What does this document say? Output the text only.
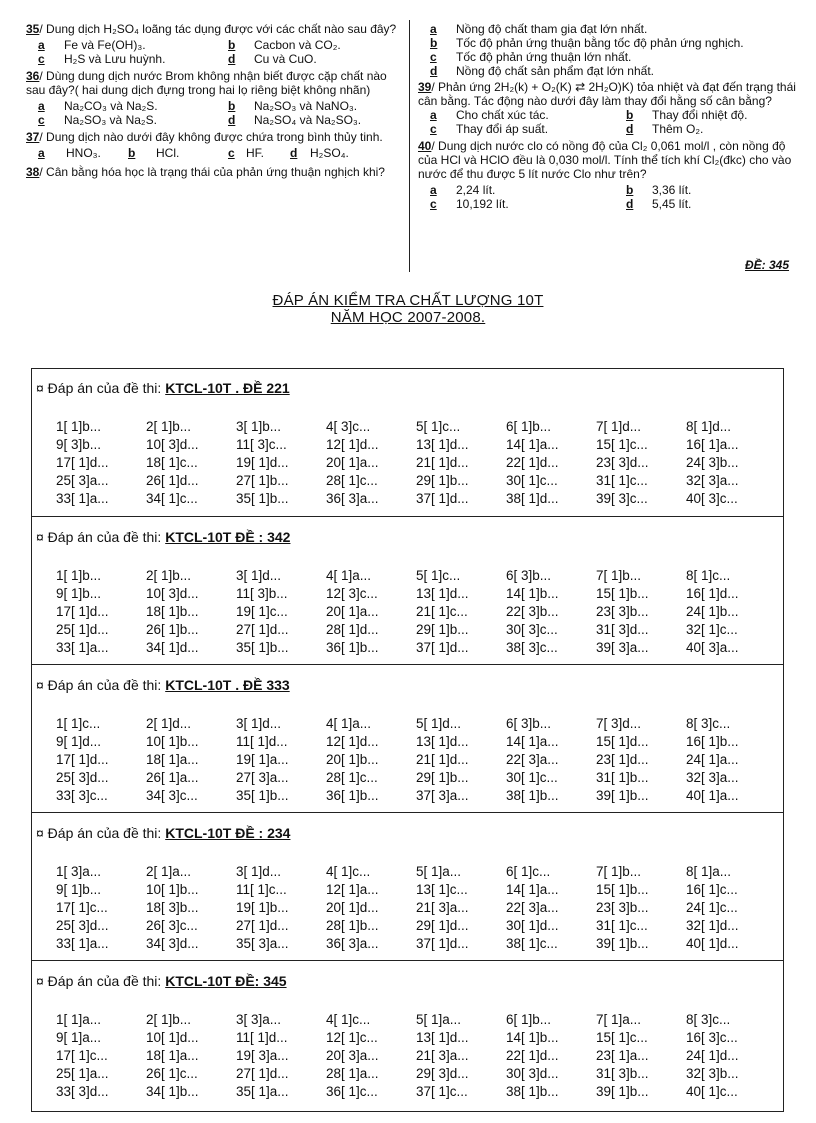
35/ Dung dịch H₂SO₄ loãng tác dụng được với các chất nào sau đây?

a	Fe và Fe(OH)₃.	b	Cacbon và CO₂.
c	H₂S và Lưu huỳnh.	d	Cu và CuO.

36/ Dùng dung dịch nước Brom không nhận biết được cặp chất nào sau đây?( hai dung dịch đựng trong hai lọ riêng biệt không nhãn)

a	Na₂CO₃ và Na₂S.	b	Na₂SO₃ và NaNO₃.
c	Na₂SO₃ và Na₂S.	d	Na₂SO₄ và Na₂SO₃.

37/ Dung dịch nào dưới đây không được chứa trong bình thủy tinh.

a	HNO₃.	b	HCl.	c HF.	d	H₂SO₄.

38/ Cân bằng hóa học là trạng thái của phản ứng thuận nghịch khi?

a	Nồng độ chất tham gia đạt lớn nhất.
b	Tốc độ phản ứng thuận bằng tốc độ phản ứng nghịch.
c	Tốc độ phản ứng thuận lớn nhất.
d	Nồng độ chất sản phẩm đạt lớn nhất.

39/ Phản ứng 2H₂(k) + O₂(K) ⇄ 2H₂O)K) tỏa nhiệt và đạt đến trạng thái cân bằng. Tác động nào dưới đây làm thay đổi hằng số cân bằng?

a	Cho chất xúc tác.	b	Thay đổi nhiệt độ.
c	Thay đổi áp suất.	d	Thêm O₂.

40/ Dung dịch nước clo có nồng độ của Cl₂ 0,061 mol/l , còn nồng độ của HCl và HClO đều là 0,030 mol/l. Tính thể tích khí Cl₂(đkc) cho vào nước để thu được 5 lít nước Clo như trên?

a	2,24 lít.	b	3,36 lít.
c	10,192 lít.	d	5,45 lít.
ĐỀ: 345
ĐÁP ÁN KIỂM TRA CHẤT LƯỢNG 10T
NĂM HỌC 2007-2008.
¤ Đáp án của đề thi: KTCL-10T . ĐỀ 221
1[ 1]b...	2[ 1]b...	3[ 1]b...	4[ 3]c...	5[ 1]c...	6[ 1]b...	7[ 1]d...	8[ 1]d...
9[ 3]b...	10[ 3]d...	11[ 3]c...	12[ 1]d...	13[ 1]d...	14[ 1]a...	15[ 1]c...	16[ 1]a...
17[ 1]d...	18[ 1]c...	19[ 1]d...	20[ 1]a...	21[ 1]d...	22[ 1]d...	23[ 3]d...	24[ 3]b...
25[ 3]a...	26[ 1]d...	27[ 1]b...	28[ 1]c...	29[ 1]b...	30[ 1]c...	31[ 1]c...	32[ 3]a...
33[ 1]a...	34[ 1]c...	35[ 1]b...	36[ 3]a...	37[ 1]d...	38[ 1]d...	39[ 3]c...	40[ 3]c...
¤ Đáp án của đề thi: KTCL-10T ĐỀ : 342
1[ 1]b...	2[ 1]b...	3[ 1]d...	4[ 1]a...	5[ 1]c...	6[ 3]b...	7[ 1]b...	8[ 1]c...
9[ 1]b...	10[ 3]d...	11[ 3]b...	12[ 3]c...	13[ 1]d...	14[ 1]b...	15[ 1]b...	16[ 1]d...
17[ 1]d...	18[ 1]b...	19[ 1]c...	20[ 1]a...	21[ 1]c...	22[ 3]b...	23[ 3]b...	24[ 1]b...
25[ 1]d...	26[ 1]b...	27[ 1]d...	28[ 1]d...	29[ 1]b...	30[ 3]c...	31[ 3]d...	32[ 1]c...
33[ 1]a...	34[ 1]d...	35[ 1]b...	36[ 1]b...	37[ 1]d...	38[ 3]c...	39[ 3]a...	40[ 3]a...
¤ Đáp án của đề thi: KTCL-10T . ĐỀ 333
1[ 1]c...	2[ 1]d...	3[ 1]d...	4[ 1]a...	5[ 1]d...	6[ 3]b...	7[ 3]d...	8[ 3]c...
9[ 1]d...	10[ 1]b...	11[ 1]d...	12[ 1]d...	13[ 1]d...	14[ 1]a...	15[ 1]d...	16[ 1]b...
17[ 1]d...	18[ 1]a...	19[ 1]a...	20[ 1]b...	21[ 1]d...	22[ 3]a...	23[ 1]d...	24[ 1]a...
25[ 3]d...	26[ 1]a...	27[ 3]a...	28[ 1]c...	29[ 1]b...	30[ 1]c...	31[ 1]b...	32[ 3]a...
33[ 3]c...	34[ 3]c...	35[ 1]b...	36[ 1]b...	37[ 3]a...	38[ 1]b...	39[ 1]b...	40[ 1]a...
¤ Đáp án của đề thi: KTCL-10T ĐỀ : 234
1[ 3]a...	2[ 1]a...	3[ 1]d...	4[ 1]c...	5[ 1]a...	6[ 1]c...	7[ 1]b...	8[ 1]a...
9[ 1]b...	10[ 1]b...	11[ 1]c...	12[ 1]a...	13[ 1]c...	14[ 1]a...	15[ 1]b...	16[ 1]c...
17[ 1]c...	18[ 3]b...	19[ 1]b...	20[ 1]d...	21[ 3]a...	22[ 3]a...	23[ 3]b...	24[ 1]c...
25[ 3]d...	26[ 3]c...	27[ 1]d...	28[ 1]b...	29[ 1]d...	30[ 1]d...	31[ 1]c...	32[ 1]d...
33[ 1]a...	34[ 3]d...	35[ 3]a...	36[ 3]a...	37[ 1]d...	38[ 1]c...	39[ 1]b...	40[ 1]d...
¤ Đáp án của đề thi: KTCL-10T ĐỀ: 345
1[ 1]a...	2[ 1]b...	3[ 3]a...	4[ 1]c...	5[ 1]a...	6[ 1]b...	7[ 1]a...	8[ 3]c...
9[ 1]a...	10[ 1]d...	11[ 1]d...	12[ 1]c...	13[ 1]d...	14[ 1]b...	15[ 1]c...	16[ 3]c...
17[ 1]c...	18[ 1]a...	19[ 3]a...	20[ 3]a...	21[ 3]a...	22[ 1]d...	23[ 1]a...	24[ 1]d...
25[ 1]a...	26[ 1]c...	27[ 1]d...	28[ 1]a...	29[ 3]d...	30[ 3]d...	31[ 3]b...	32[ 3]b...
33[ 3]d...	34[ 1]b...	35[ 1]a...	36[ 1]c...	37[ 1]c...	38[ 1]b...	39[ 1]b...	40[ 1]c...
